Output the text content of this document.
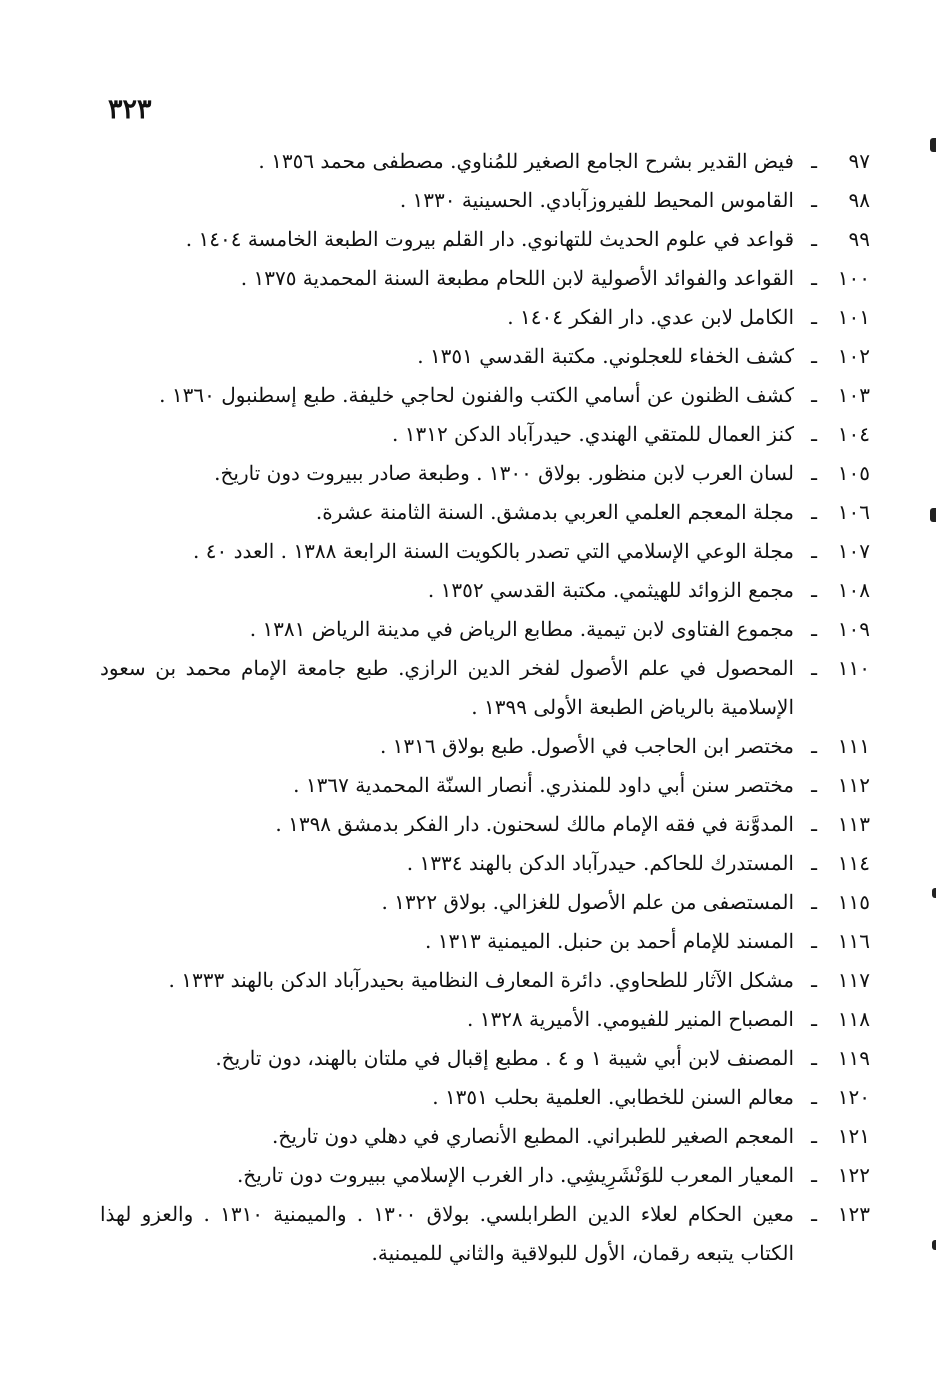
٣٢٣
٩٧
ـ
فيض القدير بشرح الجامع الصغير للمُناوي. مصطفى محمد ١٣٥٦ .
٩٨
ـ
القاموس المحيط للفيروزآبادي. الحسينية ١٣٣٠ .
٩٩
ـ
قواعد في علوم الحديث للتهانوي. دار القلم بيروت الطبعة الخامسة ١٤٠٤ .
١٠٠
ـ
القواعد والفوائد الأصولية لابن اللحام مطبعة السنة المحمدية ١٣٧٥ .
١٠١
ـ
الكامل لابن عدي. دار الفكر ١٤٠٤ .
١٠٢
ـ
كشف الخفاء للعجلوني. مكتبة القدسي ١٣٥١ .
١٠٣
ـ
كشف الظنون عن أسامي الكتب والفنون لحاجي خليفة. طبع إسطنبول ١٣٦٠ .
١٠٤
ـ
كنز العمال للمتقي الهندي. حيدرآباد الدكن ١٣١٢ .
١٠٥
ـ
لسان العرب لابن منظور. بولاق ١٣٠٠ . وطبعة صادر ببيروت دون تاريخ.
١٠٦
ـ
مجلة المعجم العلمي العربي بدمشق. السنة الثامنة عشرة.
١٠٧
ـ
مجلة الوعي الإسلامي التي تصدر بالكويت السنة الرابعة ١٣٨٨ . العدد ٤٠ .
١٠٨
ـ
مجمع الزوائد للهيثمي. مكتبة القدسي ١٣٥٢ .
١٠٩
ـ
مجموع الفتاوى لابن تيمية. مطابع الرياض في مدينة الرياض ١٣٨١ .
١١٠
ـ
المحصول في علم الأصول لفخر الدين الرازي. طبع جامعة الإمام محمد بن سعود الإسلامية بالرياض الطبعة الأولى ١٣٩٩ .
١١١
ـ
مختصر ابن الحاجب في الأصول. طبع بولاق ١٣١٦ .
١١٢
ـ
مختصر سنن أبي داود للمنذري. أنصار السنّة المحمدية ١٣٦٧ .
١١٣
ـ
المدوَّنة في فقه الإمام مالك لسحنون. دار الفكر بدمشق ١٣٩٨ .
١١٤
ـ
المستدرك للحاكم. حيدرآباد الدكن بالهند ١٣٣٤ .
١١٥
ـ
المستصفى من علم الأصول للغزالي. بولاق ١٣٢٢ .
١١٦
ـ
المسند للإمام أحمد بن حنبل. الميمنية ١٣١٣ .
١١٧
ـ
مشكل الآثار للطحاوي. دائرة المعارف النظامية بحيدرآباد الدكن بالهند ١٣٣٣ .
١١٨
ـ
المصباح المنير للفيومي. الأميرية ١٣٢٨ .
١١٩
ـ
المصنف لابن أبي شيبة ١ و ٤ . مطبع إقبال في ملتان بالهند، دون تاريخ.
١٢٠
ـ
معالم السنن للخطابي. العلمية بحلب ١٣٥١ .
١٢١
ـ
المعجم الصغير للطبراني. المطبع الأنصاري في دهلي دون تاريخ.
١٢٢
ـ
المعيار المعرب للوَنْشَرِيشِي. دار الغرب الإسلامي ببيروت دون تاريخ.
١٢٣
ـ
معين الحكام لعلاء الدين الطرابلسي. بولاق ١٣٠٠ . والميمنية ١٣١٠ . والعزو لهذا الكتاب يتبعه رقمان، الأول للبولاقية والثاني للميمنية.
